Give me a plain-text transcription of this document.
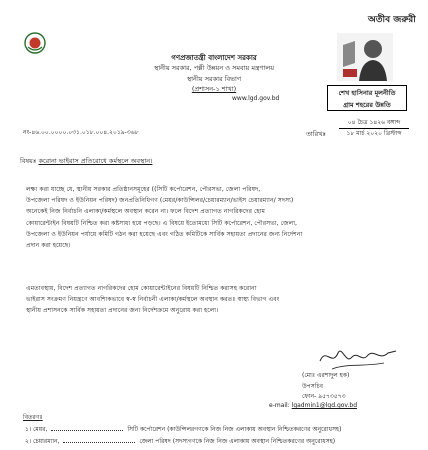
অতীব জরুরী
গণপ্রজাতন্ত্রী বাংলাদেশ সরকার
স্থানীয় সরকার, পল্লী উন্নয়ন ও সমবায় মন্ত্রণালয়
স্থানীয় সরকার বিভাগ
(প্রশাসন-১ শাখা)
www.lgd.gov.bd
শেখ হাসিনার মূলনীতি
গ্রাম শহরের উন্নতি
নং-৪৬.০০.০০০০.০৩১.০১৮.০০৪.২০১৯-৩৬৮	তারিখঃ
০৪ চৈত্র ১৪২৬ বঙ্গাব্দ
১৮ মার্চ ২০২০ খ্রিস্টাব্দ
বিষয়ঃ করোনা ভাইরাস প্রতিরোধে কর্মস্থলে অবস্থান।
লক্ষ্য করা যাচ্ছে যে, স্থানীয় সরকার প্রতিষ্ঠানসমূহের ((সিটি কর্পোরেশন, পৌরসভা, জেলা পরিষদ,
উপজেলা পরিষদ ও ইউনিয়ন পরিষদ) জনপ্রতিনিধিগণ (মেয়র/কাউন্সিলর/চেয়ারম্যান/ভাইস চেয়ারম্যান/ সদস্য)
অনেকেই নিজ নির্বাচনি এলাকা/কর্মস্থলে অবস্থান করেন না। ফলে বিদেশ প্রত্যাগত নাগরিকদের হোম
কোয়ারেন্টাইন বিষয়টি নিশ্চিত করা কষ্টসাধ্য হয়ে পড়ছে। এ বিষয়ে ইতোমধ্যে সিটি কর্পোরেশন, পৌরসভা, জেলা,
উপজেলা ও ইউনিয়ন পর্যায়ে কমিটি গঠন করা হয়েছে এবং গঠিত কমিটিকে সার্বিক সহায়তা প্রদানের জন্য নির্দেশনা
প্রদান করা হয়েছে।
এমতাবস্থায়, বিদেশ প্রত্যাগত নাগরিকদের হোম কোয়ারেন্টাইনের বিষয়টি নিশ্চিত করাসহ করোনা
ভাইরাস সংক্রমণ নিয়ন্ত্রণে আবশ্যিকভাবে স্ব-স্ব নির্বাচনী এলাকা/কর্মস্থলে অবস্থান করতঃ স্বাস্থ্য বিভাগ এবং
স্থানীয় প্রশাসনকে সার্বিক সহায়তা প্রদানের জন্য নির্দেশক্রমে অনুরোধ করা হলো।
(মোঃ এরশাদুল হক)
উপসচিব
ফোন- ৯৫৭৩৫৭৩
e-mail: lgadmin1@lgd.gov.bd
বিতরণঃ
১। মেয়র,	সিটি কর্পোরেশন (কাউন্সিলরগণকে নিজ নিজ এলাকায় অবস্থান নিশ্চিতকরণের অনুরোধসহ)
২। চেয়ারম্যান,	জেলা পরিষদ (সদস্যগণকে নিজ নিজ এলাকায় অবস্থান নিশ্চিতকরণের অনুরোধসহ)
